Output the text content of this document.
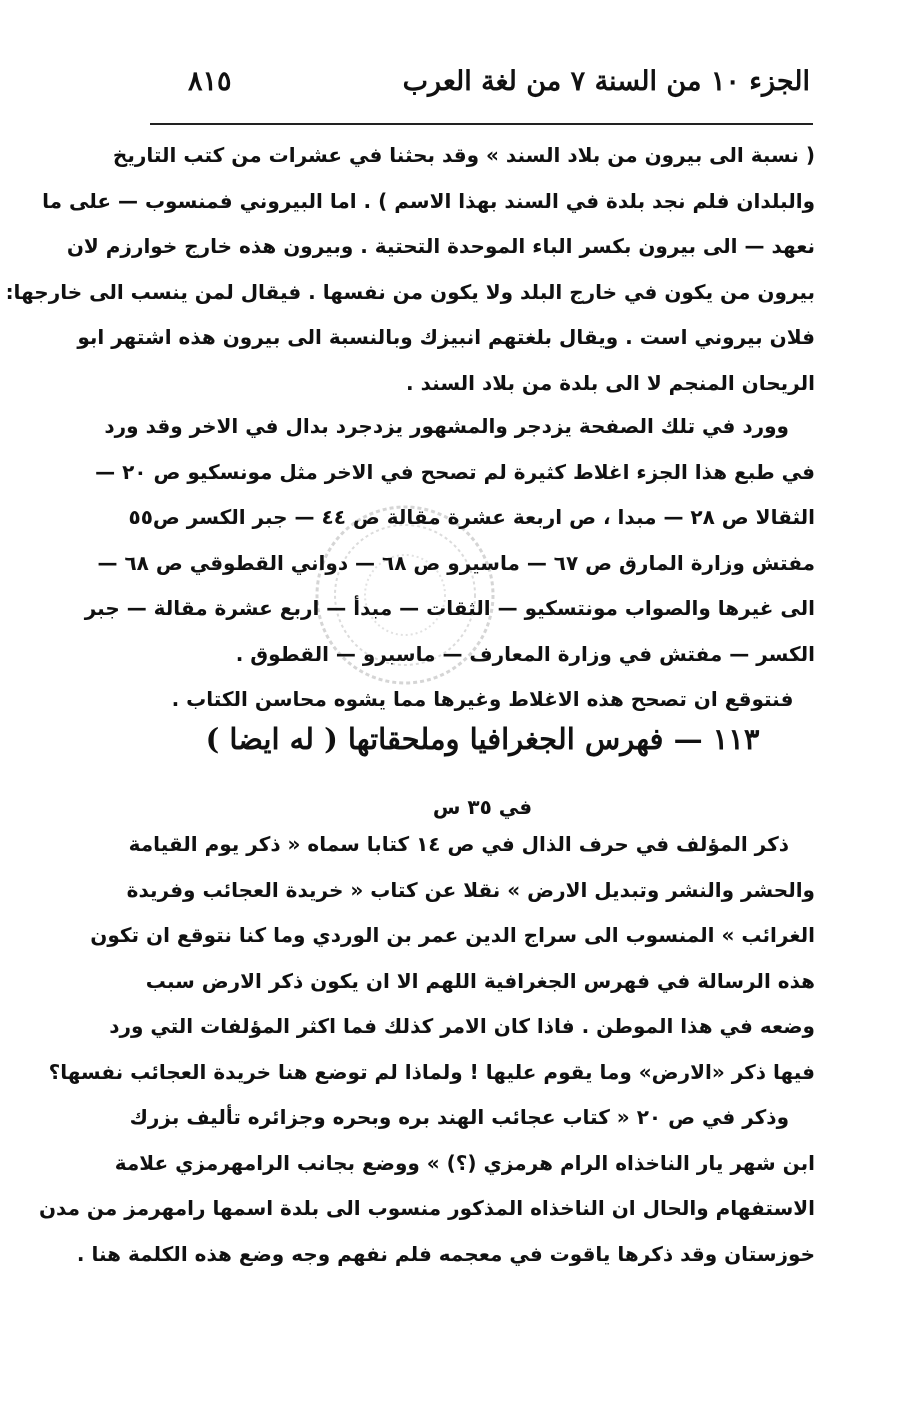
الجزء ١٠ من السنة ٧ من لغة العرب
٨١٥
( نسبة الى بيرون من بلاد السند » وقد بحثنا في عشرات من كتب التاريخ
والبلدان فلم نجد بلدة في السند بهذا الاسم ) . اما البيروني فمنسوب — على ما
نعهد — الى بيرون بكسر الباء الموحدة التحتية . وبيرون هذه خارج خوارزم لان
بيرون من يكون في خارج البلد ولا يكون من نفسها . فيقال لمن ينسب الى خارجها:
فلان بيروني است . ويقال بلغتهم انبيزك وبالنسبة الى بيرون هذه اشتهر ابو
الريحان المنجم لا الى بلدة من بلاد السند .
وورد في تلك الصفحة يزدجر والمشهور يزدجرد بدال في الاخر وقد ورد
في طبع هذا الجزء اغلاط كثيرة لم تصحح في الاخر مثل مونسكيو ص ٢٠ —
الثقالا ص ٢٨ — مبدا ، ص اربعة عشرة مقالة ص ٤٤ — جبر الكسر ص٥٥
مفتش وزارة المارق ص ٦٧ — ماسيرو ص ٦٨ — دواني القطوقي ص ٦٨ —
الى غيرها والصواب مونتسكيو — الثقات — مبدأ — اربع عشرة مقالة — جبر
الكسر — مفتش في وزارة المعارف — ماسبرو — القطوق .
فنتوقع ان تصحح هذه الاغلاط وغيرها مما يشوه محاسن الكتاب .
١١٣ — فهرس الجغرافيا وملحقاتها ( له ايضا )
في ٣٥ س
ذكر المؤلف في حرف الذال في ص ١٤ كتابا سماه « ذكر يوم القيامة
والحشر والنشر وتبديل الارض » نقلا عن كتاب « خريدة العجائب وفريدة
الغرائب » المنسوب الى سراج الدين عمر بن الوردي وما كنا نتوقع ان تكون
هذه الرسالة في فهرس الجغرافية اللهم الا ان يكون ذكر الارض سبب
وضعه في هذا الموطن . فاذا كان الامر كذلك فما اكثر المؤلفات التي ورد
فيها ذكر «الارض» وما يقوم عليها ! ولماذا لم توضع هنا خريدة العجائب نفسها؟
وذكر في ص ٢٠ « كتاب عجائب الهند بره وبحره وجزائره تأليف بزرك
ابن شهر يار الناخذاه الرام هرمزي (؟) » ووضع بجانب الرامهرمزي علامة
الاستفهام والحال ان الناخذاه المذكور منسوب الى بلدة اسمها رامهرمز من مدن
خوزستان وقد ذكرها ياقوت في معجمه فلم نفهم وجه وضع هذه الكلمة هنا .
